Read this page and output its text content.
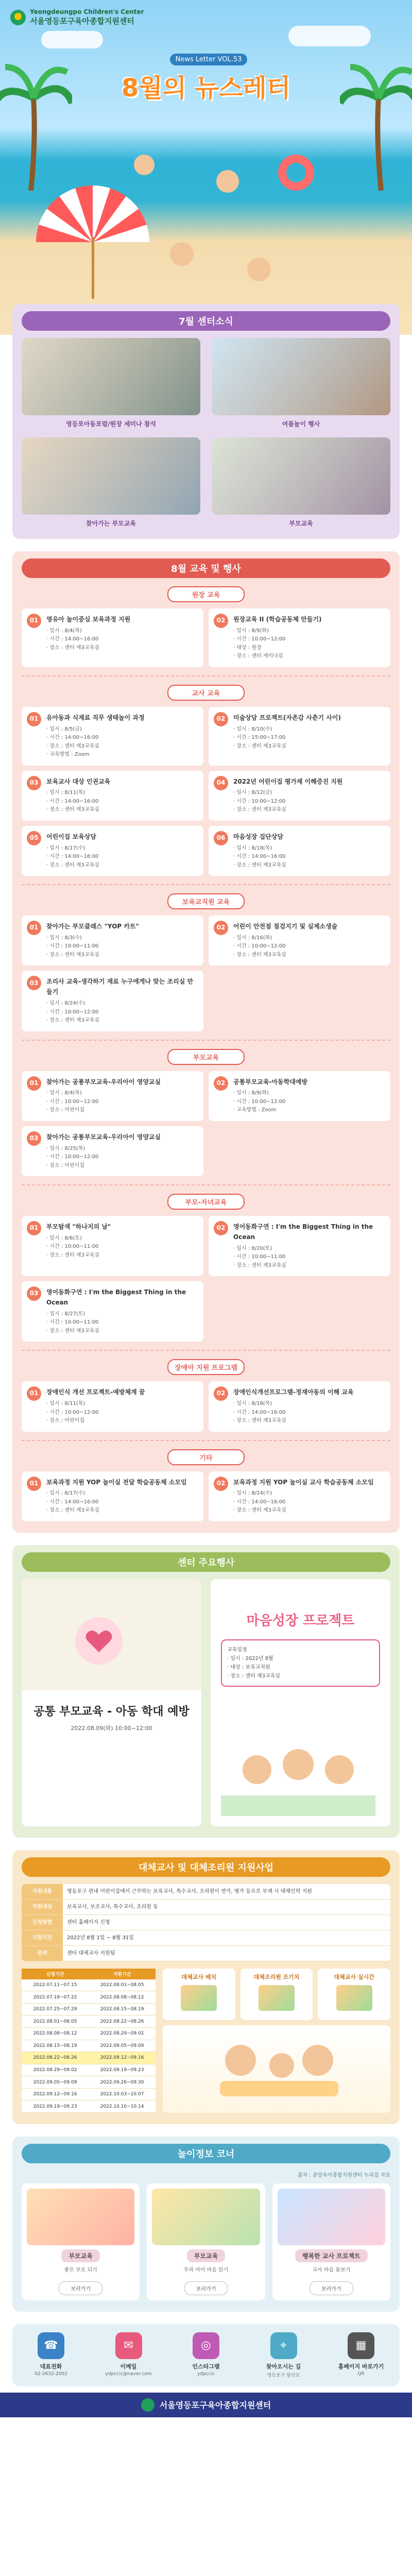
Yeongdeungpo Children's Center
서울영등포구육아종합지원센터
News Letter VOL.53
8월의 뉴스레터
7월 센터소식
영등포아동포럼/원장 세미나 참석	여름놀이 행사
찾아가는 부모교육	부모교육
8월 교육 및 행사
원장 교육
01	영유아 놀이중심 보육과정 지원
· 일시 : 8/4(목)
· 시간 : 14:00~16:00
· 장소 : 센터 제3교육실
02	원장교육 II (학습공동체 만들기)
· 일시 : 8/9(화)
· 시간 : 10:00~12:00
· 대상 : 원장
· 장소 : 센터 세미나실
교사 교육
01	유아동과 식재료 직무 생태놀이 과정
· 일시 : 8/5(금)
· 시간 : 14:00~16:00
· 장소 : 센터 제3교육실
· 교육방법 : Zoom
02	미술상담 프로젝트(자존감 사춘기 사이)
· 일시 : 8/10(수)
· 시간 : 15:00~17:00
· 장소 : 센터 제3교육실
03	보육교사 대상 인권교육
· 일시 : 8/11(목)
· 시간 : 14:00~16:00
· 장소 : 센터 제3교육실
04	2022년 어린이집 평가제 이해증진 지원
· 일시 : 8/12(금)
· 시간 : 10:00~12:00
· 장소 : 센터 제3교육실
05	어린이집 보육상담
· 일시 : 8/17(수)
· 시간 : 14:00~16:00
· 장소 : 센터 제3교육실
06	마음성장 집단상담
· 일시 : 8/18(목)
· 시간 : 14:00~16:00
· 장소 : 센터 제3교육실
보육교직원 교육
01	찾아가는 부모클래스 "YOP 카트"
· 일시 : 8/3(수)
· 시간 : 10:00~11:00
· 장소 : 센터 제3교육실
02	어린이 안전점 점검지기 및 실제소생술
· 일시 : 8/16(화)
· 시간 : 10:00~12:00
· 장소 : 센터 제3교육실
03	조리사 교육-생각하기 재료 누구에게나 맞는 조리실 만들기
· 일시 : 8/24(수)
· 시간 : 10:00~12:00
· 장소 : 센터 제3교육실
부모교육
01	찾아가는 공통부모교육-우리아이 영양교실
· 일시 : 8/4(목)
· 시간 : 10:00~12:00
· 장소 : 어린이집
02	공통부모교육-아동학대예방
· 일시 : 8/9(화)
· 시간 : 10:00~12:00
· 교육방법 : Zoom
03	찾아가는 공통부모교육-우리아이 영양교실
· 일시 : 8/25(목)
· 시간 : 10:00~12:00
· 장소 : 어린이집
부모-자녀교육
01	부모탐색 "하나지의 날"
· 일시 : 8/6(토)
· 시간 : 10:00~11:00
· 장소 : 센터 제3교육실
02	영어동화구연 : I'm the Biggest Thing in the Ocean
· 일시 : 8/20(토)
· 시간 : 10:00~11:00
· 장소 : 센터 제3교육실
03	영어동화구연 : I'm the Biggest Thing in the Ocean
· 일시 : 8/27(토)
· 시간 : 10:00~11:00
· 장소 : 센터 제3교육실
장애아 지원 프로그램
01	장애인식 개선 프로젝트-예방체계 꿈
· 일시 : 8/11(목)
· 시간 : 10:00~12:00
· 장소 : 어린이집
02	장애인식개선프로그램-정재아동의 이해 교육
· 일시 : 8/18(목)
· 시간 : 14:00~16:00
· 장소 : 센터 제3교육실
기타
01	보육과정 지원 YOP 놀이실 전달 학습공동체 소모임
· 일시 : 8/17(수)
· 시간 : 14:00~16:00
· 장소 : 센터 제3교육실
02	보육과정 지원 YOP 놀이실 교사 학습공동체 소모임
· 일시 : 8/24(수)
· 시간 : 14:00~16:00
· 장소 : 센터 제3교육실
센터 주요행사
공통 부모교육 - 아동 학대 예방
2022.08.09(화) 10:00~12:00
마음성장 프로젝트
교육일정
· 일시 : 2022년 8월
· 대상 : 보육교직원
· 장소 : 센터 제3교육실
대체교사 및 대체조리원 지원사업
지원내용	영등포구 관내 어린이집에서 근무하는 보육교사, 특수교사, 조리원이 연가, 병가 등으로 부재 시 대체인력 지원
지원대상	보육교사, 보조교사, 특수교사, 조리원 등
신청방법	센터 홈페이지 신청
지원기간	2022년 8월 1일 ~ 8월 31일
문의	센터 대체교사 지원팀
신청기간	지원기간
2022.07.11~07.15	2022.08.01~08.05
2022.07.18~07.22	2022.08.08~08.12
2022.07.25~07.29	2022.08.15~08.19
2022.08.01~08.05	2022.08.22~08.26
2022.08.08~08.12	2022.08.29~09.02
2022.08.15~08.19	2022.09.05~09.09
2022.08.22~08.26	2022.09.12~09.16
2022.08.29~09.02	2022.09.19~09.23
2022.09.05~09.09	2022.09.26~09.30
2022.09.12~09.16	2022.10.03~10.07
2022.09.19~09.23	2022.10.10~10.14
대체교사 배치	대체조리원 조기치	대체교사 실시간
놀이정보 코너
출처 : 중앙육아종합지원센터 누리집 자료
부모교육
좋은 부모 되기
보러가기
부모교육
우리 아이 마음 읽기
보러가기
행복한 교사 프로젝트
교사 마음 돌보기
보러가기
☎
대표전화
02-2632-2002
✉
이메일
ydpccic@naver.com
◎
인스타그램
ydpccic
⌖
찾아오시는 길
영등포구 당산로
▦
홈페이지 바로가기
QR
서울영등포구육아종합지원센터
